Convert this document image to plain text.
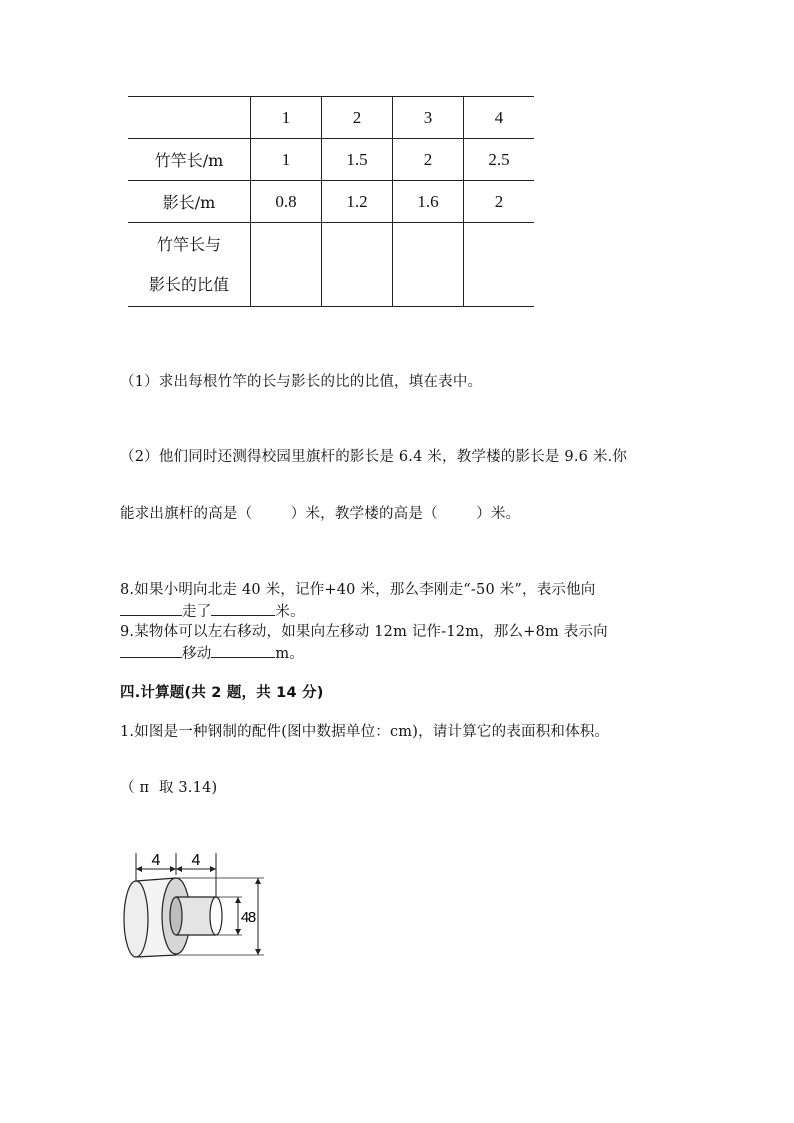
	1	2	3	4
竹竿长/m	1	1.5	2	2.5
影长/m	0.8	1.2	1.6	2

竹竿长与
影长的比值				

（1）求出每根竹竿的长与影长的比的比值，填在表中。
（2）他们同时还测得校园里旗杆的影长是 6.4 米，教学楼的影长是 9.6 米.你
能求出旗杆的高是（        ）米，教学楼的高是（        ）米。
8.如果小明向北走 40 米，记作+40 米，那么李刚走“-50 米”，表示他向
走了	米。
9.某物体可以左右移动，如果向左移动 12m 记作-12m，那么+8m 表示向
移动	m。
四.计算题(共 2 题，共 14 分)
1.如图是一种钢制的配件(图中数据单位：cm)，请计算它的表面积和体积。
（ π  取 3.14)
4 4
4
8
